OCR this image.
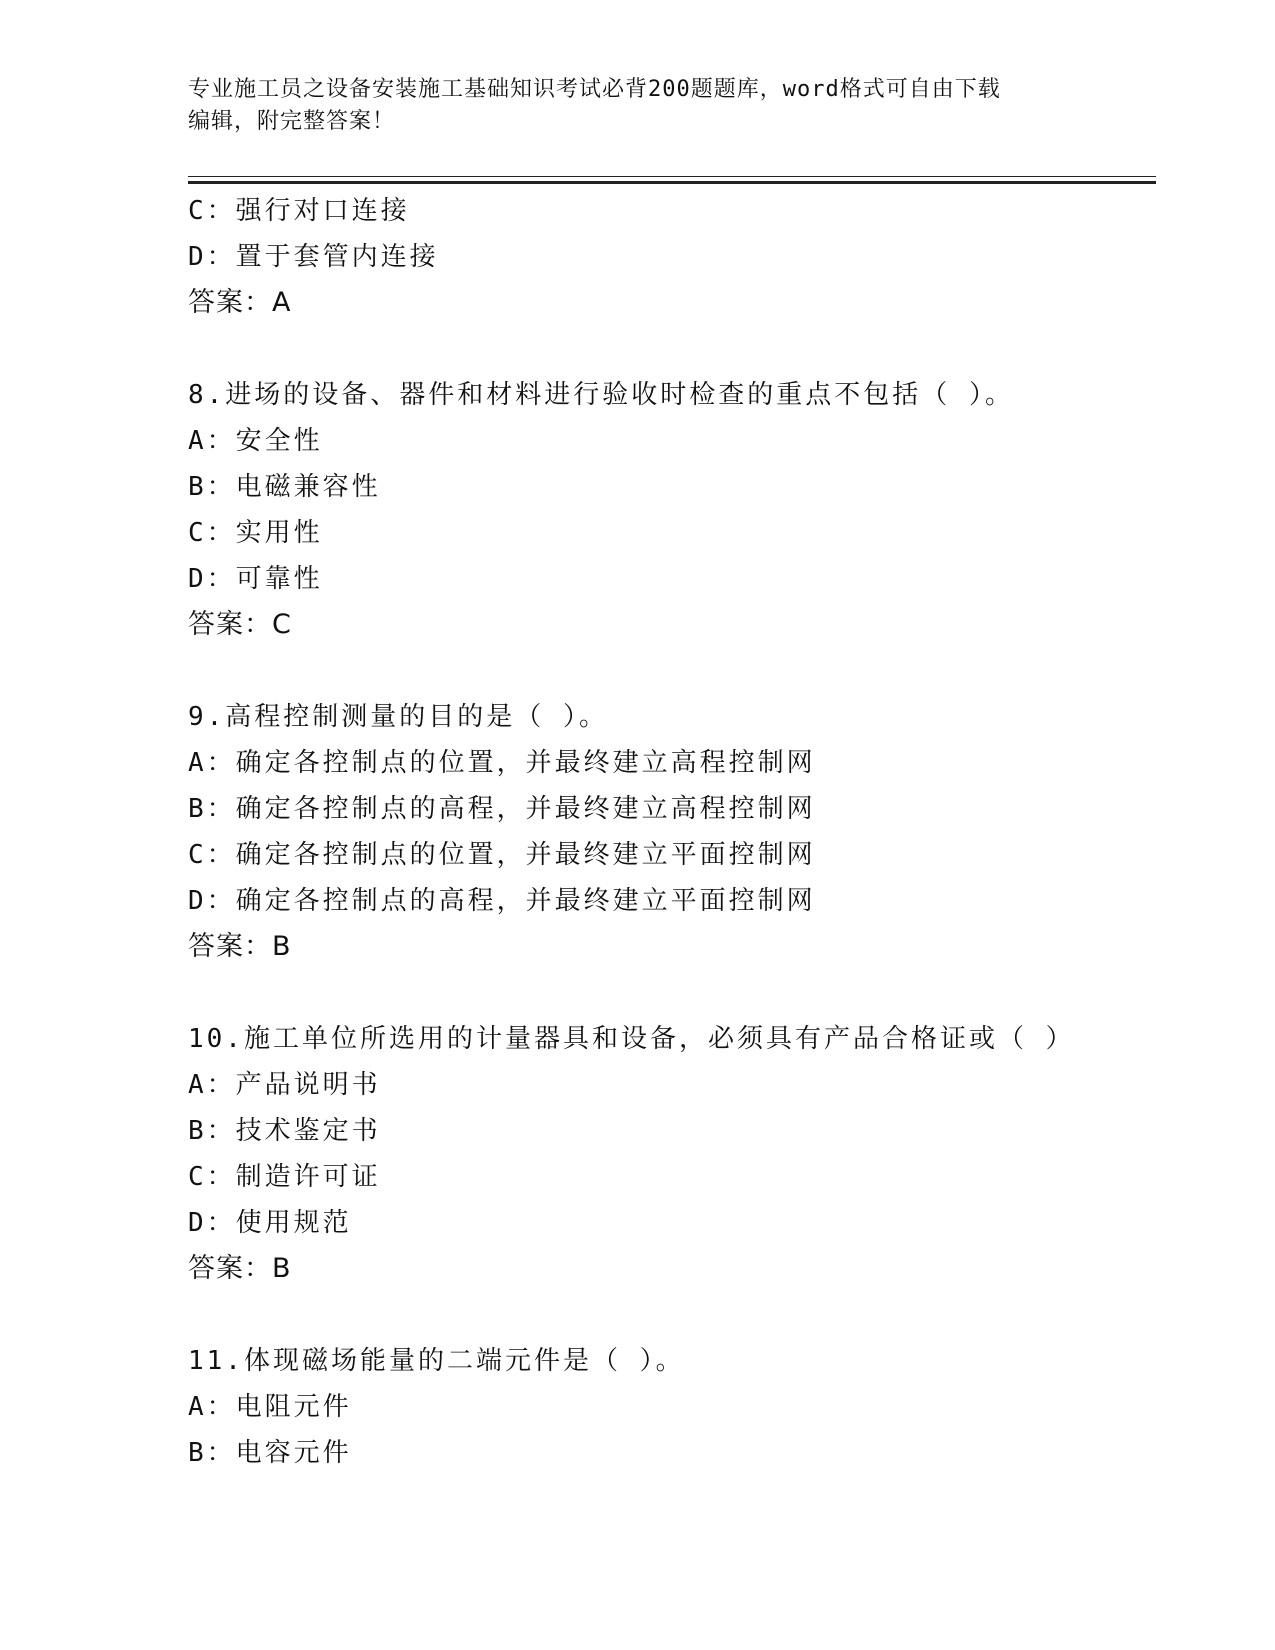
专业施工员之设备安装施工基础知识考试必背200题题库，word格式可自由下载
编辑，附完整答案！
C：强行对口连接
D：置于套管内连接
答案：A
8.进场的设备、器件和材料进行验收时检查的重点不包括（ ）。
A：安全性
B：电磁兼容性
C：实用性
D：可靠性
答案：C
9.高程控制测量的目的是（ ）。
A：确定各控制点的位置，并最终建立高程控制网
B：确定各控制点的高程，并最终建立高程控制网
C：确定各控制点的位置，并最终建立平面控制网
D：确定各控制点的高程，并最终建立平面控制网
答案：B
10.施工单位所选用的计量器具和设备，必须具有产品合格证或（ ）
A：产品说明书
B：技术鉴定书
C：制造许可证
D：使用规范
答案：B
11.体现磁场能量的二端元件是（ ）。
A：电阻元件
B：电容元件
